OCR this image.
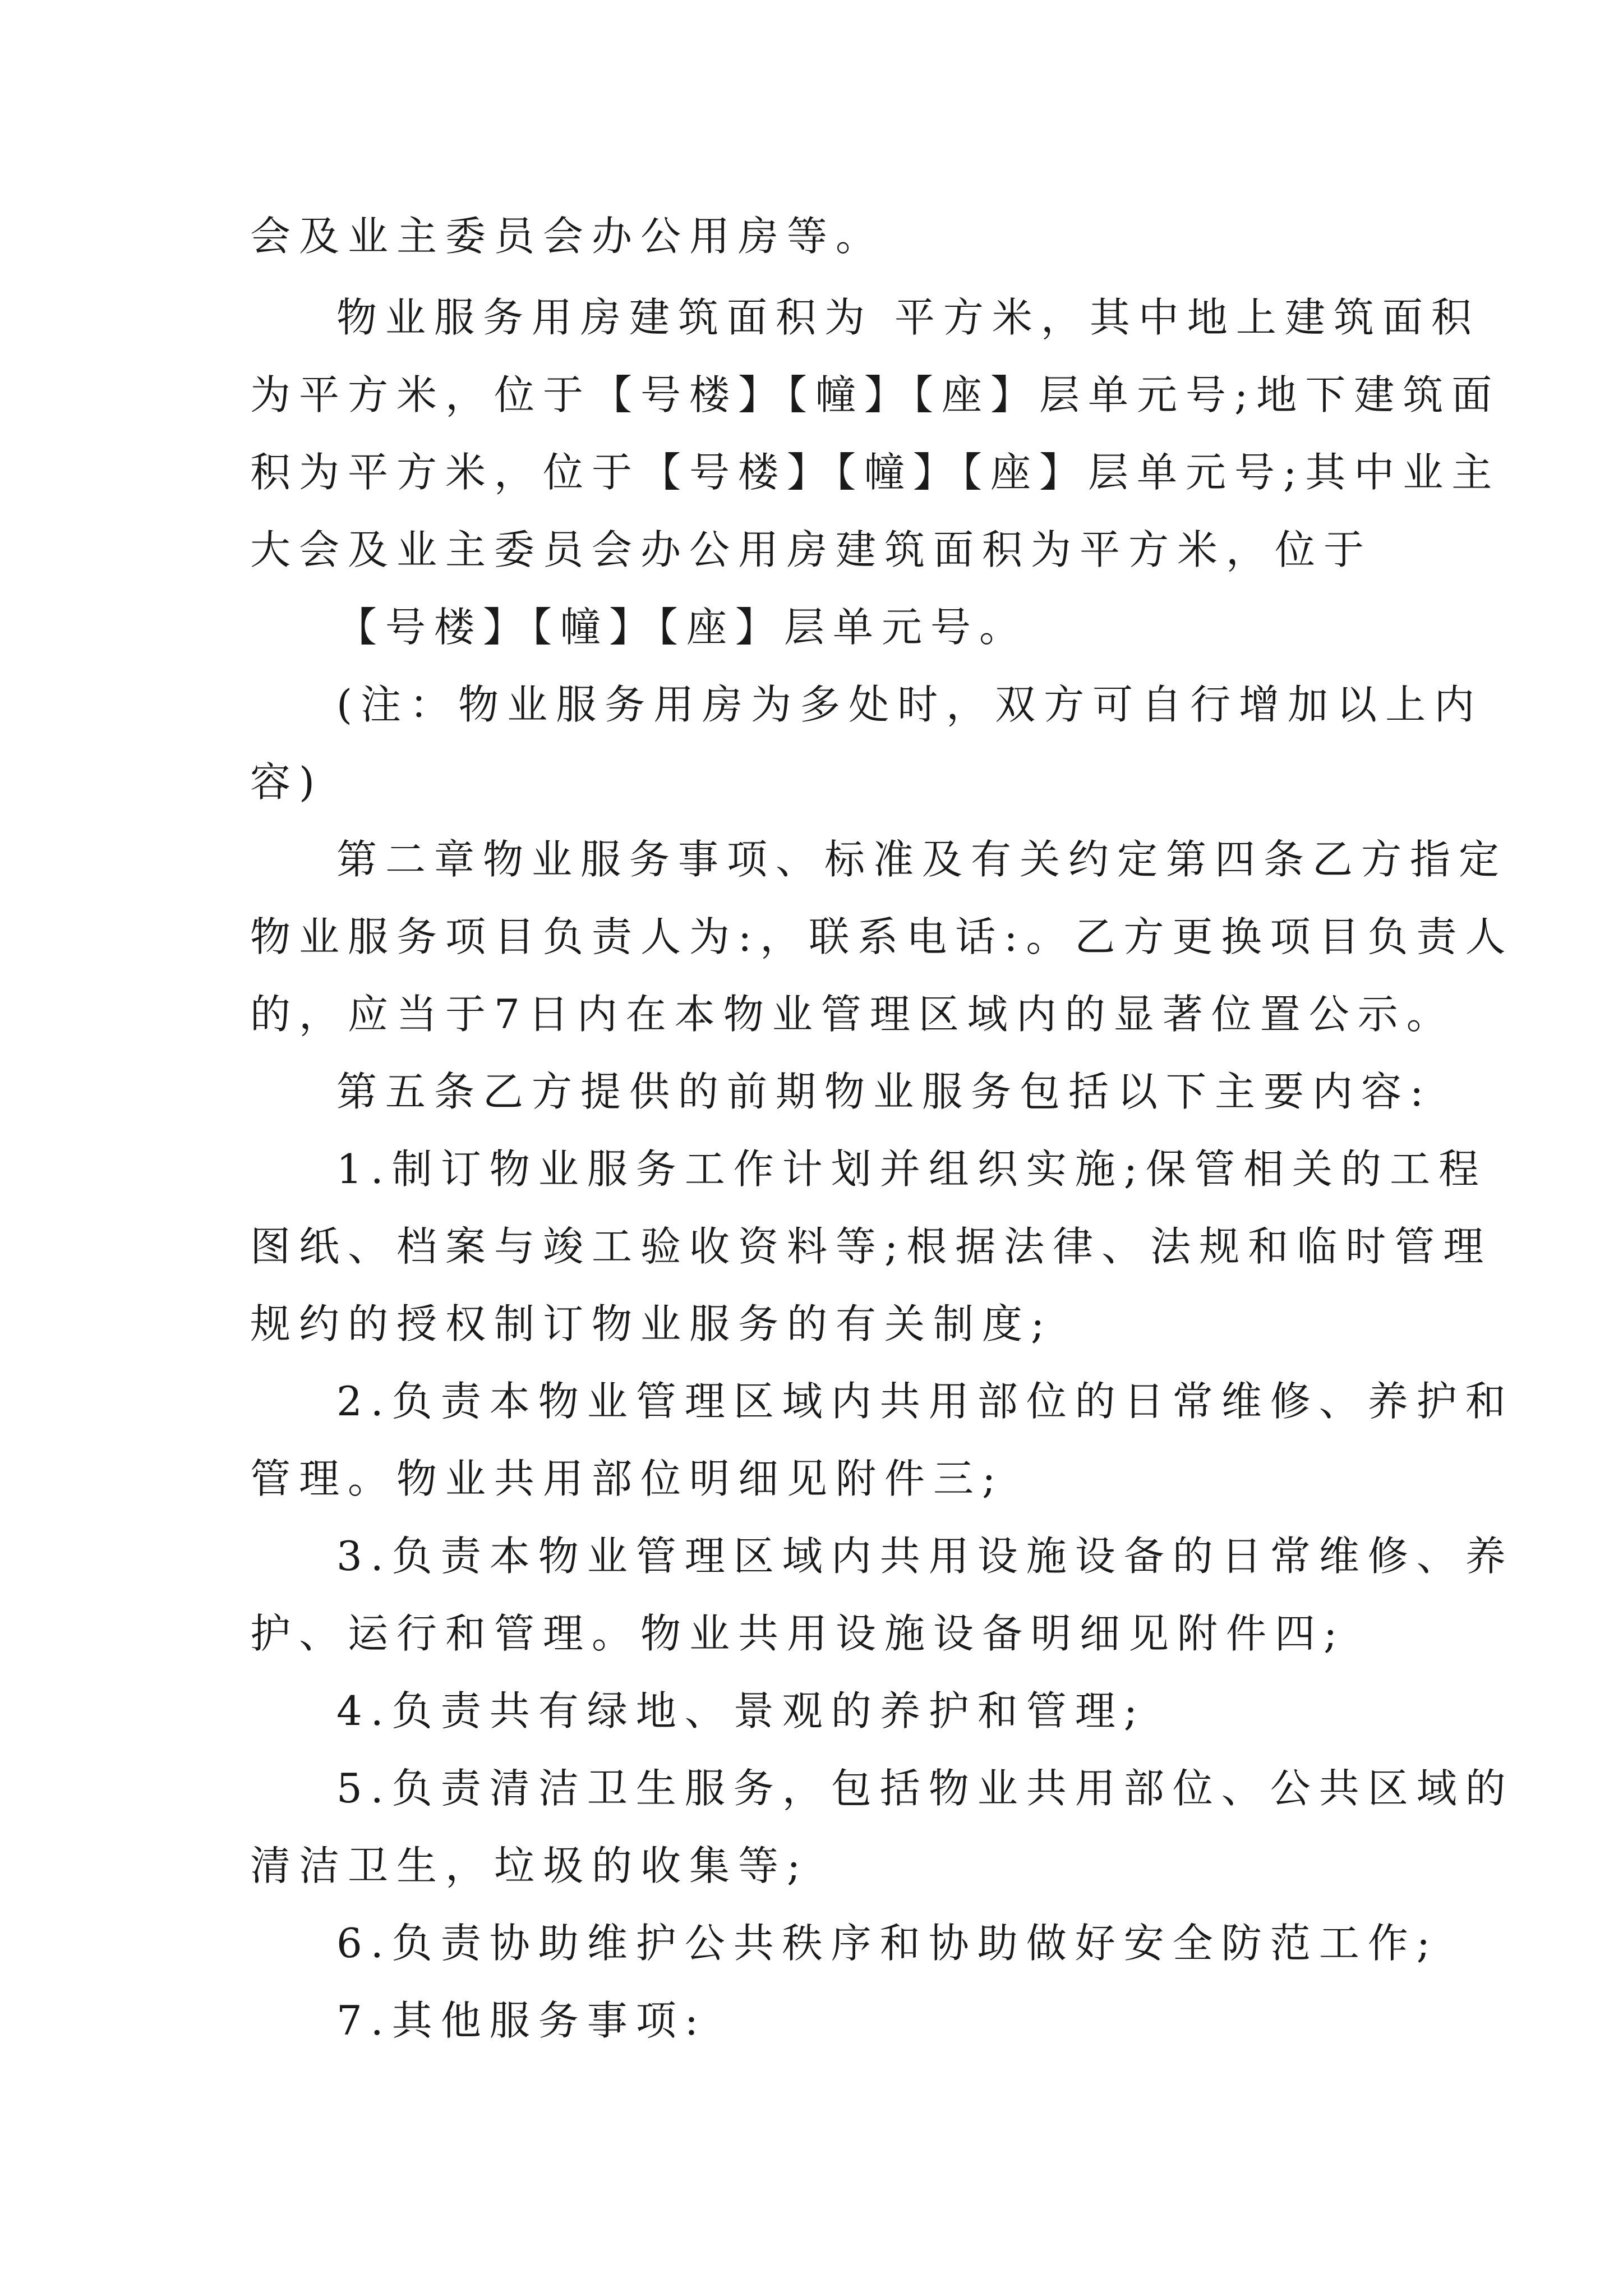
会及业主委员会办公用房等。
物业服务用房建筑面积为 平方米，其中地上建筑面积
为平方米，位于【号楼】【幢】【座】层单元号;地下建筑面
积为平方米，位于【号楼】【幢】【座】层单元号;其中业主
大会及业主委员会办公用房建筑面积为平方米，位于
【号楼】【幢】【座】层单元号。
(注：物业服务用房为多处时，双方可自行增加以上内
容)
第二章物业服务事项、标准及有关约定第四条乙方指定
物业服务项目负责人为:，联系电话:。乙方更换项目负责人
的，应当于7日内在本物业管理区域内的显著位置公示。
第五条乙方提供的前期物业服务包括以下主要内容:
1.制订物业服务工作计划并组织实施;保管相关的工程
图纸、档案与竣工验收资料等;根据法律、法规和临时管理
规约的授权制订物业服务的有关制度;
2.负责本物业管理区域内共用部位的日常维修、养护和
管理。物业共用部位明细见附件三;
3.负责本物业管理区域内共用设施设备的日常维修、养
护、运行和管理。物业共用设施设备明细见附件四;
4.负责共有绿地、景观的养护和管理;
5.负责清洁卫生服务，包括物业共用部位、公共区域的
清洁卫生，垃圾的收集等;
6.负责协助维护公共秩序和协助做好安全防范工作;
7.其他服务事项:
